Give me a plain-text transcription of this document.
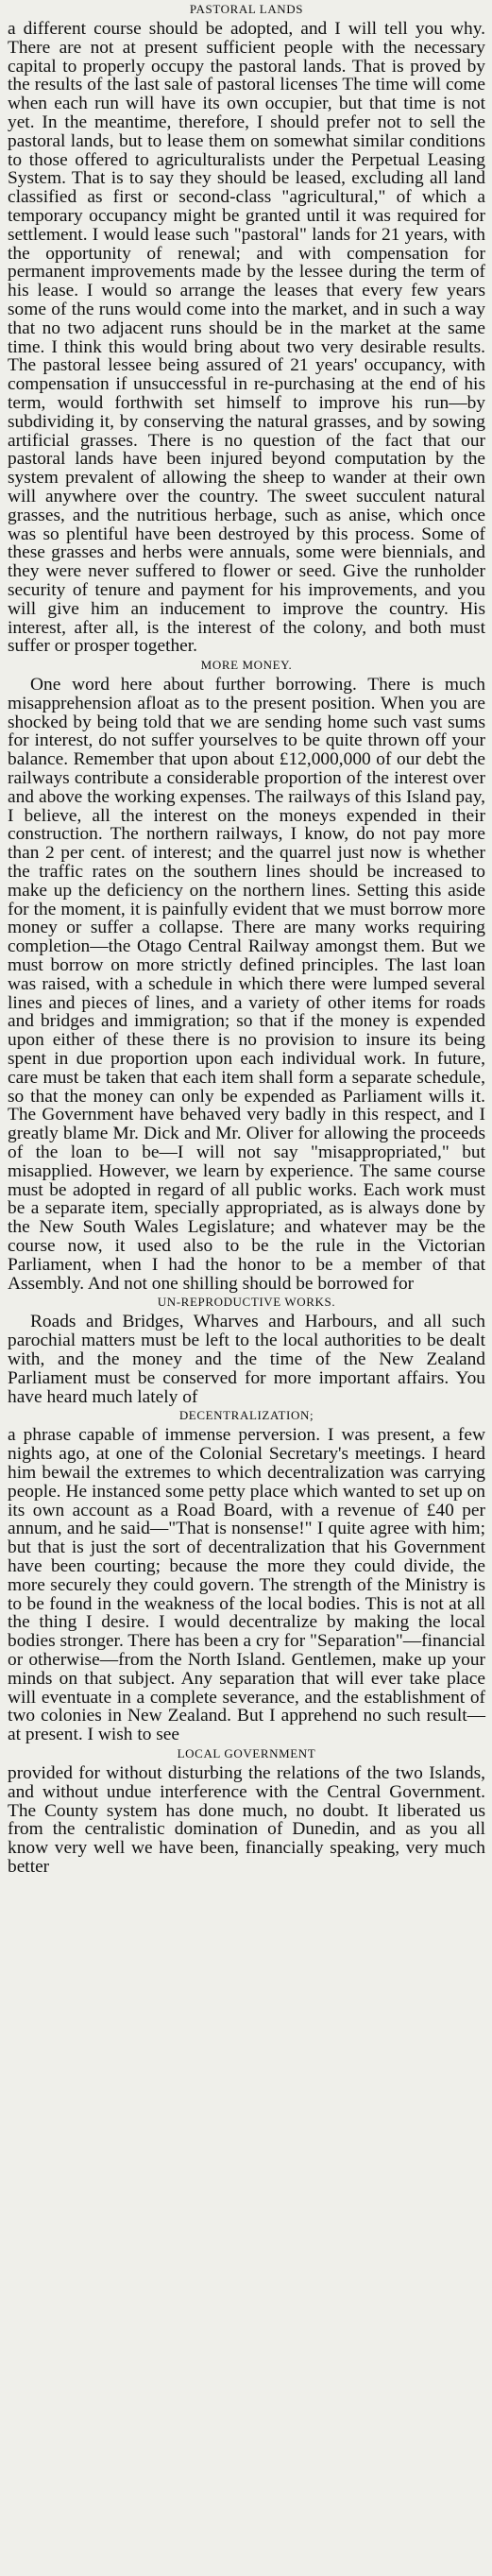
PASTORAL LANDS

a different course should be adopted, and I will tell you why. There are not at present sufficient people with the necessary capital to properly occupy the pastoral lands. That is proved by the results of the last sale of pastoral licenses The time will come when each run will have its own occupier, but that time is not yet. In the meantime, therefore, I should prefer not to sell the pastoral lands, but to lease them on somewhat similar conditions to those offered to agriculturalists under the Perpetual Leasing System. That is to say they should be leased, excluding all land classified as first or second-class "agricultural," of which a temporary occupancy might be granted until it was required for settlement. I would lease such "pastoral" lands for 21 years, with the opportunity of renewal; and with compensation for permanent improvements made by the lessee during the term of his lease. I would so arrange the leases that every few years some of the runs would come into the market, and in such a way that no two adjacent runs should be in the market at the same time. I think this would bring about two very desirable results. The pastoral lessee being assured of 21 years' occupancy, with compensation if unsuccessful in re-purchasing at the end of his term, would forthwith set himself to improve his run—by subdividing it, by conserving the natural grasses, and by sowing artificial grasses. There is no question of the fact that our pastoral lands have been injured beyond computation by the system prevalent of allowing the sheep to wander at their own will anywhere over the country. The sweet succulent natural grasses, and the nutritious herbage, such as anise, which once was so plentiful have been destroyed by this process. Some of these grasses and herbs were annuals, some were biennials, and they were never suffered to flower or seed. Give the runholder security of tenure and payment for his improvements, and you will give him an inducement to improve the country. His interest, after all, is the interest of the colony, and both must suffer or prosper together.

MORE MONEY.

One word here about further borrowing. There is much misapprehension afloat as to the present position. When you are shocked by being told that we are sending home such vast sums for interest, do not suffer yourselves to be quite thrown off your balance. Remember that upon about £12,000,000 of our debt the railways contribute a considerable proportion of the interest over and above the working expenses. The railways of this Island pay, I believe, all the interest on the moneys expended in their construction. The northern railways, I know, do not pay more than 2 per cent. of interest; and the quarrel just now is whether the traffic rates on the southern lines should be increased to make up the deficiency on the northern lines. Setting this aside for the moment, it is painfully evident that we must borrow more money or suffer a collapse. There are many works requiring completion—the Otago Central Railway amongst them. But we must borrow on more strictly defined principles. The last loan was raised, with a schedule in which there were lumped several lines and pieces of lines, and a variety of other items for roads and bridges and immigration; so that if the money is expended upon either of these there is no provision to insure its being spent in due proportion upon each individual work. In future, care must be taken that each item shall form a separate schedule, so that the money can only be expended as Parliament wills it. The Government have behaved very badly in this respect, and I greatly blame Mr. Dick and Mr. Oliver for allowing the proceeds of the loan to be—I will not say "misappropriated," but misapplied. However, we learn by experience. The same course must be adopted in regard of all public works. Each work must be a separate item, specially appropriated, as is always done by the New South Wales Legislature; and whatever may be the course now, it used also to be the rule in the Victorian Parliament, when I had the honor to be a member of that Assembly. And not one shilling should be borrowed for

UN-REPRODUCTIVE WORKS.

Roads and Bridges, Wharves and Harbours, and all such parochial matters must be left to the local authorities to be dealt with, and the money and the time of the New Zealand Parliament must be conserved for more important affairs. You have heard much lately of

DECENTRALIZATION;

a phrase capable of immense perversion. I was present, a few nights ago, at one of the Colonial Secretary's meetings. I heard him bewail the extremes to which decentralization was carrying people. He instanced some petty place which wanted to set up on its own account as a Road Board, with a revenue of £40 per annum, and he said—"That is nonsense!" I quite agree with him; but that is just the sort of decentralization that his Government have been courting; because the more they could divide, the more securely they could govern. The strength of the Ministry is to be found in the weakness of the local bodies. This is not at all the thing I desire. I would decentralize by making the local bodies stronger. There has been a cry for "Separation"—financial or otherwise—from the North Island. Gentlemen, make up your minds on that subject. Any separation that will ever take place will eventuate in a complete severance, and the establishment of two colonies in New Zealand. But I apprehend no such result—at present. I wish to see

LOCAL GOVERNMENT

provided for without disturbing the relations of the two Islands, and without undue interference with the Central Government. The County system has done much, no doubt. It liberated us from the centralistic domination of Dunedin, and as you all know very well we have been, financially speaking, very much better
